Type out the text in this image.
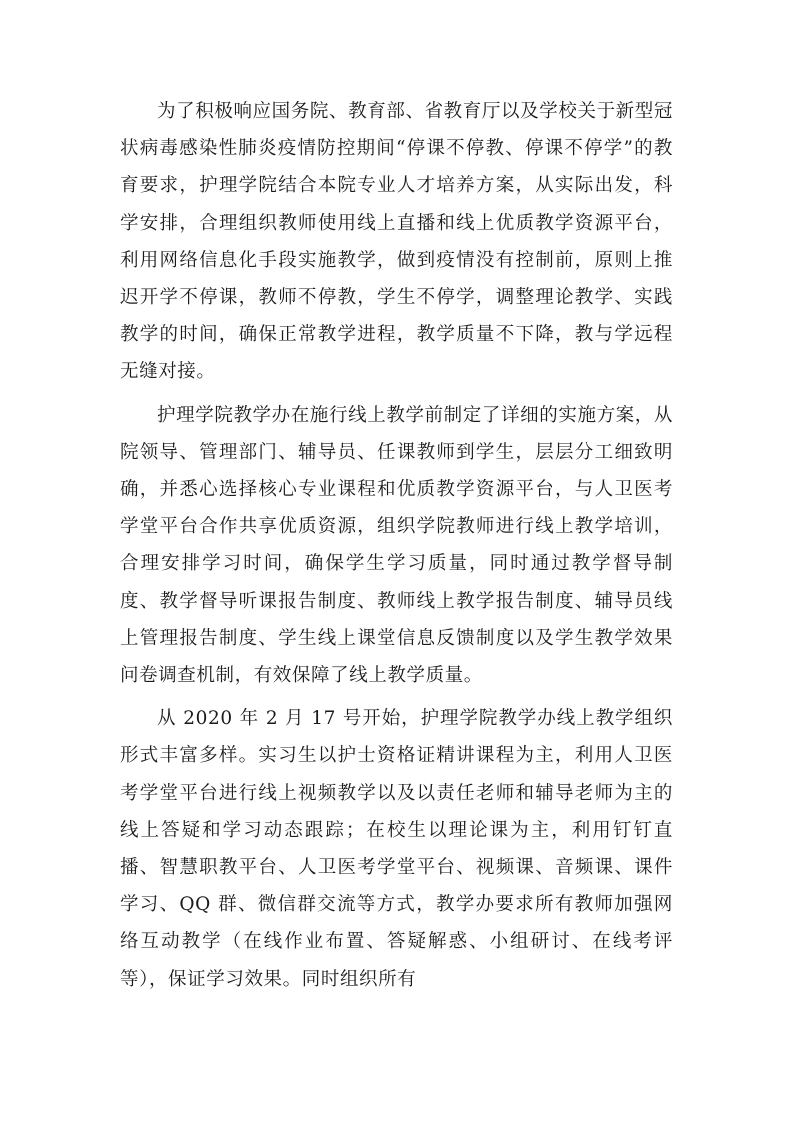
为了积极响应国务院、教育部、省教育厅以及学校关于新型冠状病毒感染性肺炎疫情防控期间“停课不停教、停课不停学”的教育要求，护理学院结合本院专业人才培养方案，从实际出发，科学安排，合理组织教师使用线上直播和线上优质教学资源平台，利用网络信息化手段实施教学，做到疫情没有控制前，原则上推迟开学不停课，教师不停教，学生不停学，调整理论教学、实践教学的时间，确保正常教学进程，教学质量不下降，教与学远程无缝对接。

护理学院教学办在施行线上教学前制定了详细的实施方案，从院领导、管理部门、辅导员、任课教师到学生，层层分工细致明确，并悉心选择核心专业课程和优质教学资源平台，与人卫医考学堂平台合作共享优质资源，组织学院教师进行线上教学培训，合理安排学习时间，确保学生学习质量，同时通过教学督导制度、教学督导听课报告制度、教师线上教学报告制度、辅导员线上管理报告制度、学生线上课堂信息反馈制度以及学生教学效果问卷调查机制，有效保障了线上教学质量。

从 2020 年 2 月 17 号开始，护理学院教学办线上教学组织形式丰富多样。实习生以护士资格证精讲课程为主，利用人卫医考学堂平台进行线上视频教学以及以责任老师和辅导老师为主的线上答疑和学习动态跟踪；在校生以理论课为主，利用钉钉直播、智慧职教平台、人卫医考学堂平台、视频课、音频课、课件学习、QQ 群、微信群交流等方式，教学办要求所有教师加强网络互动教学（在线作业布置、答疑解惑、小组研讨、在线考评等），保证学习效果。同时组织所有
